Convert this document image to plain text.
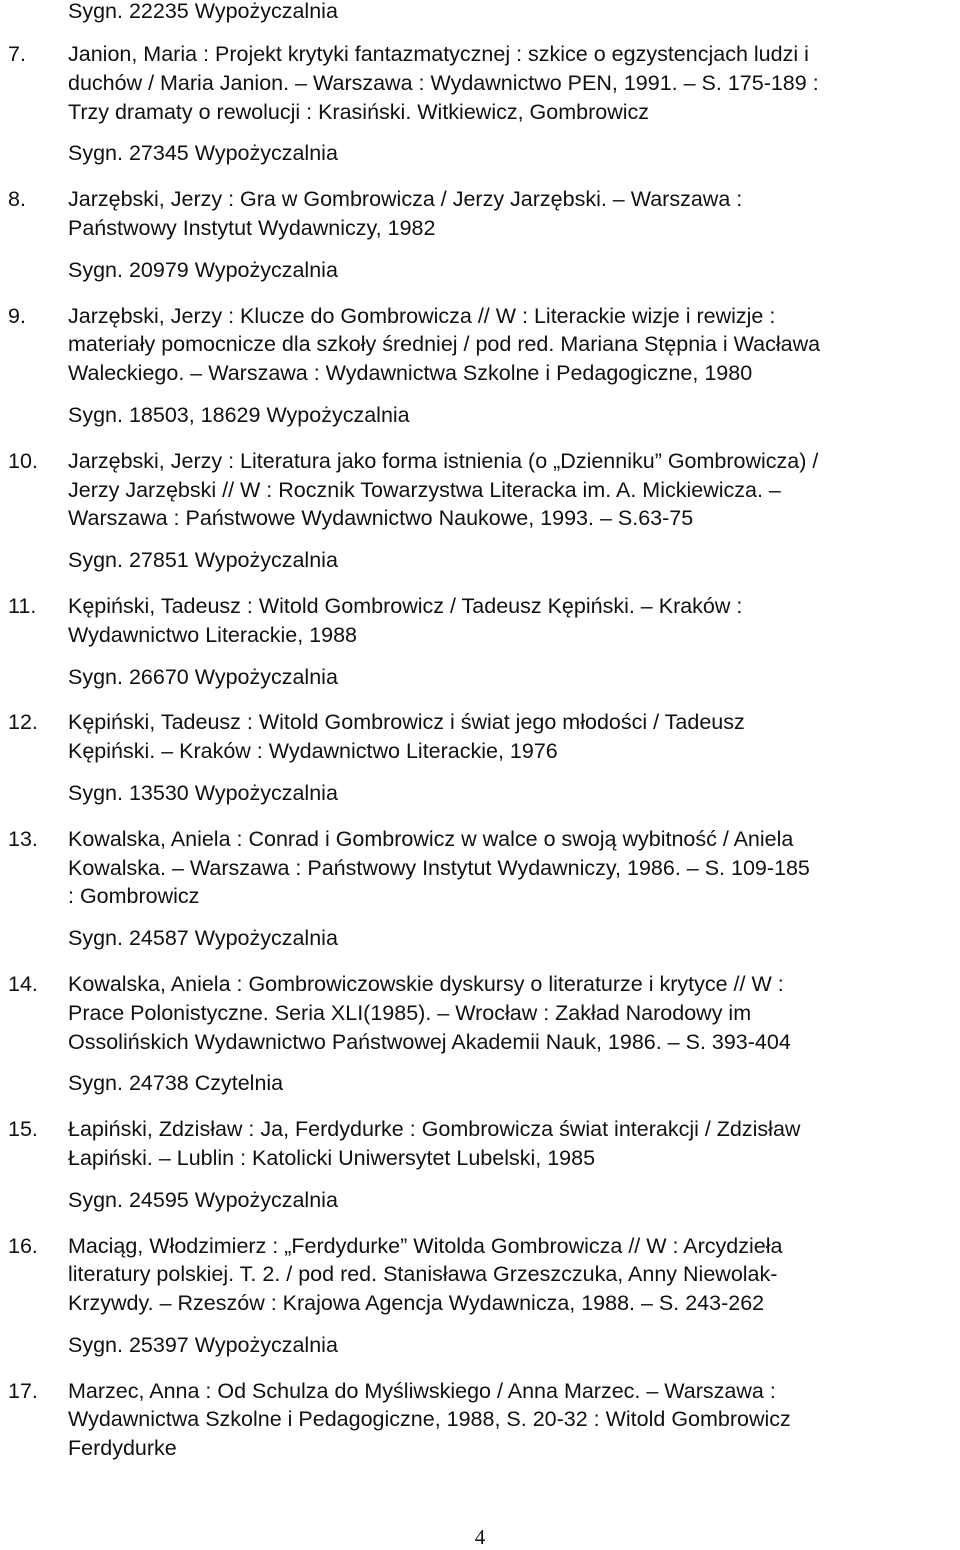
Sygn. 22235 Wypożyczalnia
7. Janion, Maria : Projekt krytyki fantazmatycznej : szkice o egzystencjach ludzi i
duchów / Maria Janion. – Warszawa : Wydawnictwo PEN, 1991. – S. 175-189 :
Trzy dramaty o rewolucji : Krasiński. Witkiewicz, Gombrowicz
Sygn. 27345 Wypożyczalnia
8. Jarzębski, Jerzy : Gra w Gombrowicza / Jerzy Jarzębski. – Warszawa :
Państwowy Instytut Wydawniczy, 1982
Sygn. 20979 Wypożyczalnia
9. Jarzębski, Jerzy : Klucze do Gombrowicza // W : Literackie wizje i rewizje :
materiały pomocnicze dla szkoły średniej / pod red. Mariana Stępnia i Wacława
Waleckiego. – Warszawa : Wydawnictwa Szkolne i Pedagogiczne, 1980
Sygn. 18503, 18629 Wypożyczalnia
10. Jarzębski, Jerzy : Literatura jako forma istnienia (o „Dzienniku” Gombrowicza) /
Jerzy Jarzębski // W : Rocznik Towarzystwa Literacka im. A. Mickiewicza. –
Warszawa : Państwowe Wydawnictwo Naukowe, 1993. – S.63-75
Sygn. 27851 Wypożyczalnia
11. Kępiński, Tadeusz : Witold Gombrowicz / Tadeusz Kępiński. – Kraków :
Wydawnictwo Literackie, 1988
Sygn. 26670 Wypożyczalnia
12. Kępiński, Tadeusz : Witold Gombrowicz i świat jego młodości / Tadeusz
Kępiński. – Kraków : Wydawnictwo Literackie, 1976
Sygn. 13530 Wypożyczalnia
13. Kowalska, Aniela : Conrad i Gombrowicz w walce o swoją wybitność / Aniela
Kowalska. – Warszawa : Państwowy Instytut Wydawniczy, 1986. – S. 109-185
: Gombrowicz
Sygn. 24587 Wypożyczalnia
14. Kowalska, Aniela : Gombrowiczowskie dyskursy o literaturze i krytyce // W :
Prace Polonistyczne. Seria XLI(1985). – Wrocław : Zakład Narodowy im
Ossolińskich Wydawnictwo Państwowej Akademii Nauk, 1986. – S. 393-404
Sygn. 24738 Czytelnia
15. Łapiński, Zdzisław : Ja, Ferdydurke : Gombrowicza świat interakcji / Zdzisław
Łapiński. – Lublin : Katolicki Uniwersytet Lubelski, 1985
Sygn. 24595 Wypożyczalnia
16. Maciąg, Włodzimierz : „Ferdydurke” Witolda Gombrowicza // W : Arcydzieła
literatury polskiej. T. 2. / pod red. Stanisława Grzeszczuka, Anny Niewolak-
Krzywdy. – Rzeszów : Krajowa Agencja Wydawnicza, 1988. – S. 243-262
Sygn. 25397 Wypożyczalnia
17. Marzec, Anna : Od Schulza do Myśliwskiego / Anna Marzec. – Warszawa :
Wydawnictwa Szkolne i Pedagogiczne, 1988, S. 20-32 : Witold Gombrowicz
Ferdydurke
4
